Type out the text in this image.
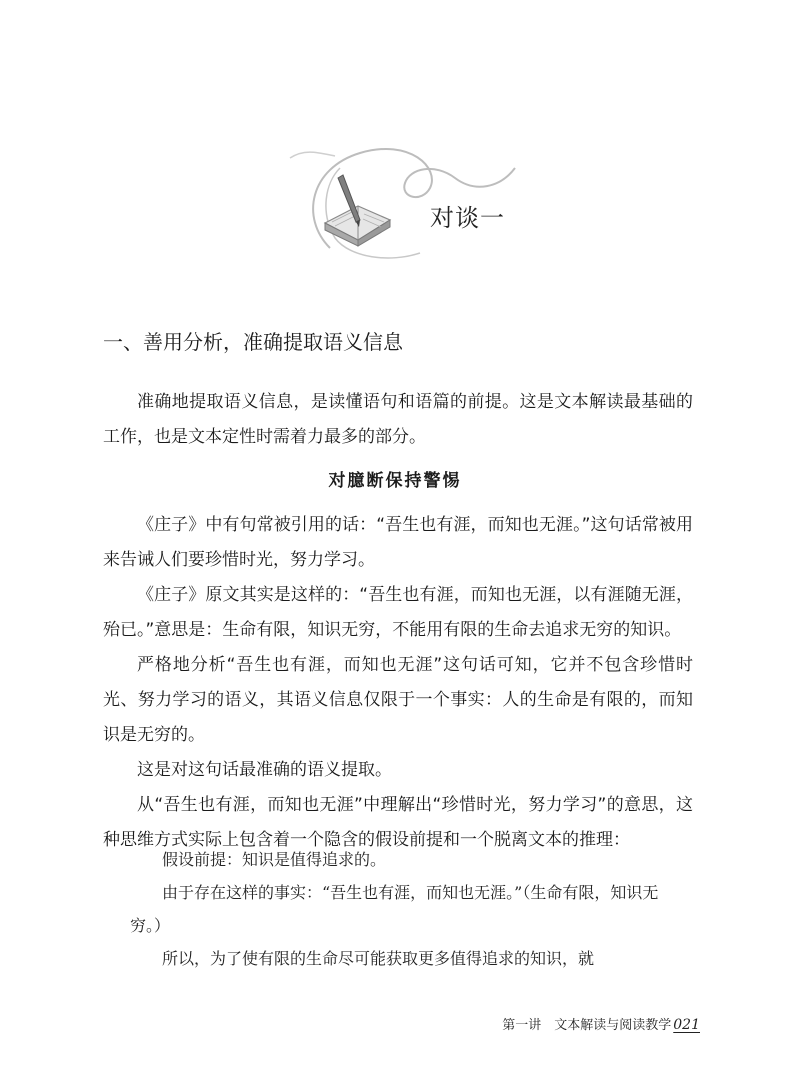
对谈一
一、善用分析，准确提取语义信息
准确地提取语义信息，是读懂语句和语篇的前提。这是文本解读最基础的工作，也是文本定性时需着力最多的部分。
对臆断保持警惕

《庄子》中有句常被引用的话：“吾生也有涯，而知也无涯。”这句话常被用来告诫人们要珍惜时光，努力学习。

《庄子》原文其实是这样的：“吾生也有涯，而知也无涯，以有涯随无涯，殆已。”意思是：生命有限，知识无穷，不能用有限的生命去追求无穷的知识。

严格地分析“吾生也有涯，而知也无涯”这句话可知，它并不包含珍惜时光、努力学习的语义，其语义信息仅限于一个事实：人的生命是有限的，而知识是无穷的。

这是对这句话最准确的语义提取。

从“吾生也有涯，而知也无涯”中理解出“珍惜时光，努力学习”的意思，这种思维方式实际上包含着一个隐含的假设前提和一个脱离文本的推理：

假设前提：知识是值得追求的。

由于存在这样的事实：“吾生也有涯，而知也无涯。”（生命有限，知识无穷。）

所以，为了使有限的生命尽可能获取更多值得追求的知识，就

第一讲　文本解读与阅读教学 021
